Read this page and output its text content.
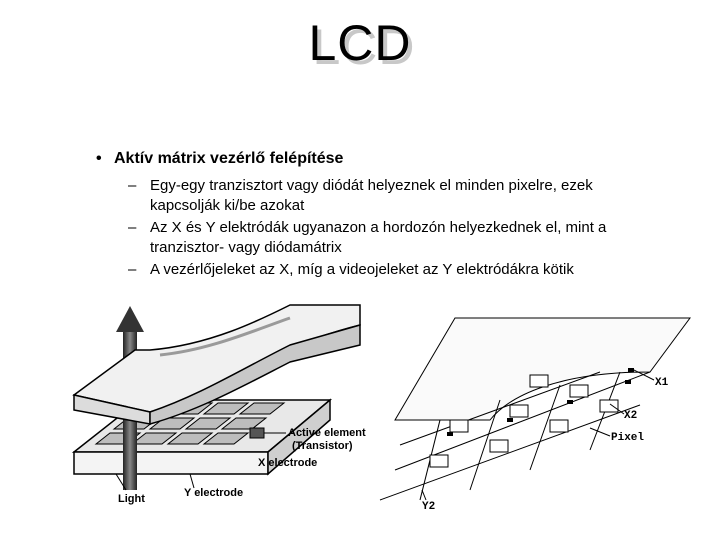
LCD
• Aktív mátrix vezérlő felépítése
– Egy-egy tranzisztort vagy diódát helyeznek el minden pixelre, ezek kapcsolják ki/be azokat
– Az X és Y elektródák ugyanazon a hordozón helyezkednek el, mint a tranzisztor- vagy diódamátrix
– A vezérlőjeleket az X, míg a videojeleket az Y elektródákra kötik
Active element
(Transistor)
X electrode
Y electrode
Light
X1
X2
Pixel
Y2
